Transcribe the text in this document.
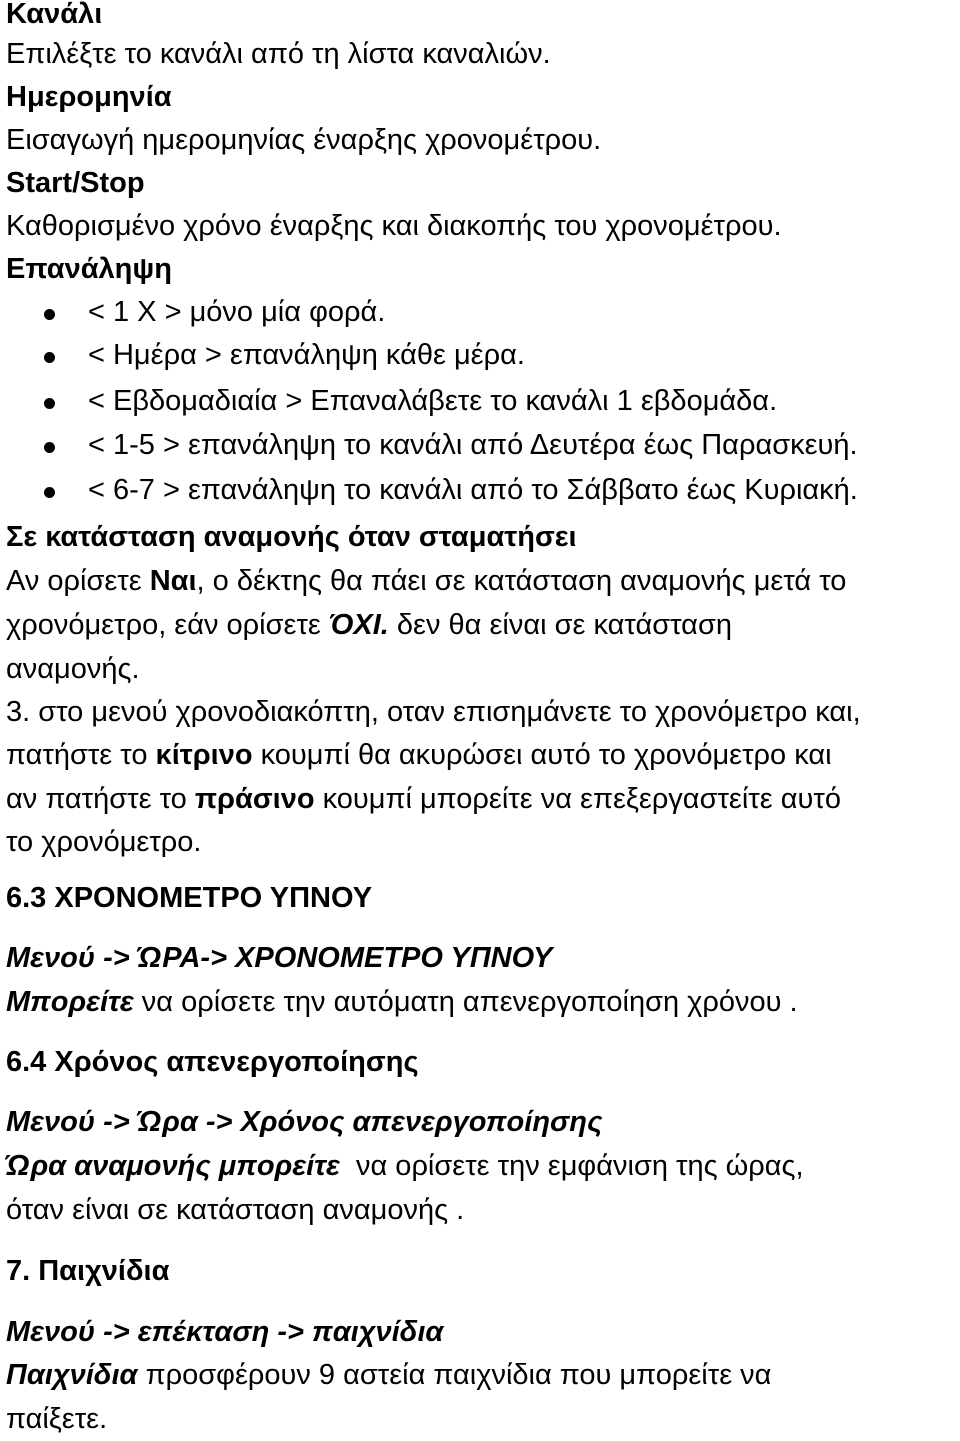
Κανάλι
Επιλέξτε το κανάλι από τη λίστα καναλιών.
Ημερομηνία
Εισαγωγή ημερομηνίας έναρξης χρονομέτρου.
Start/Stop
Καθορισμένο χρόνο έναρξης και διακοπής του χρονομέτρου.
Επανάληψη
< 1 X > μόνο μία φορά.
< Ημέρα > επανάληψη κάθε μέρα.
< Εβδομαδιαία > Επαναλάβετε το κανάλι 1 εβδομάδα.
< 1-5 > επανάληψη το κανάλι από Δευτέρα έως Παρασκευή.
< 6-7 > επανάληψη το κανάλι από το Σάββατο έως Κυριακή.
Σε κατάσταση αναμονής όταν σταματήσει
Αν ορίσετε Ναι, ο δέκτης θα πάει σε κατάσταση αναμονής μετά το
χρονόμετρο, εάν ορίσετε ΌΧΙ. δεν θα είναι σε κατάσταση
αναμονής.
3. στο μενού χρονοδιακόπτη, οταν επισημάνετε το χρονόμετρο και,
πατήστε το κίτρινο κουμπί θα ακυρώσει αυτό το χρονόμετρο και
αν πατήστε το πράσινο κουμπί μπορείτε να επεξεργαστείτε αυτό
το χρονόμετρο.
6.3 ΧΡΟΝΟΜΕΤΡΟ ΥΠΝΟΥ
Μενού -> ΏΡΑ-> ΧΡΟΝΟΜΕΤΡΟ ΥΠΝΟΥ
Μπορείτε να ορίσετε την αυτόματη απενεργοποίηση χρόνου .
6.4 Χρόνος απενεργοποίησης
Μενού -> Ώρα -> Χρόνος απενεργοποίησης
Ώρα αναμονής μπορείτε  να ορίσετε την εμφάνιση της ώρας,
όταν είναι σε κατάσταση αναμονής .
7. Παιχνίδια
Μενού -> επέκταση -> παιχνίδια
Παιχνίδια προσφέρουν 9 αστεία παιχνίδια που μπορείτε να
παίξετε.
